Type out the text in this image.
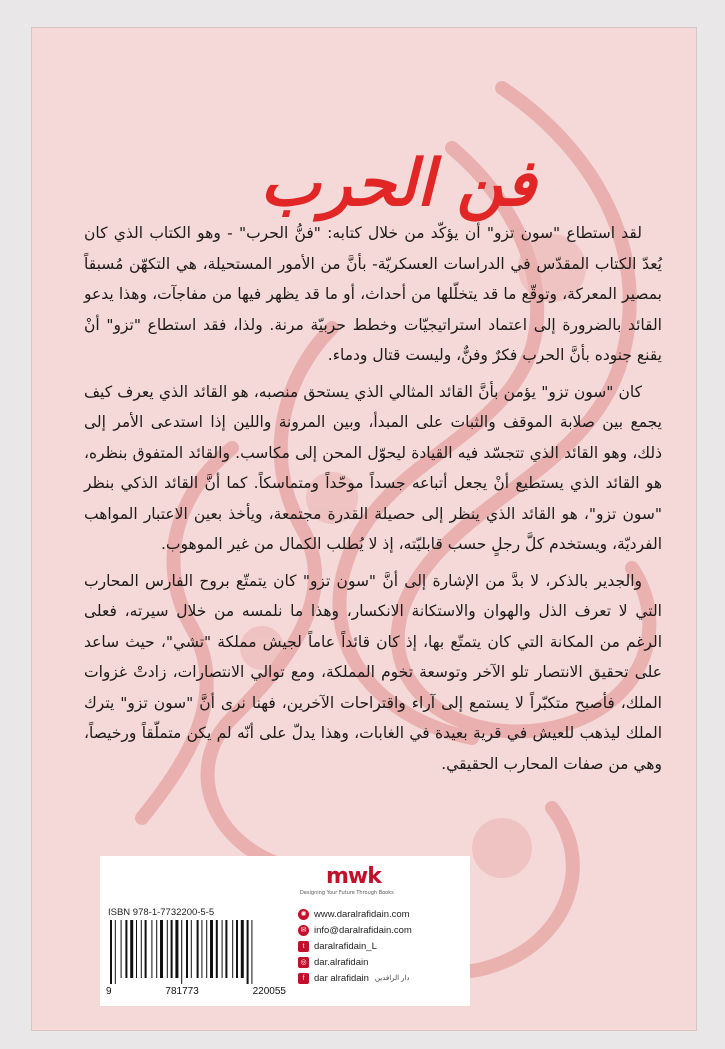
فن الحرب

لقد استطاع "سون تزو" أن يؤكّد من خلال كتابه: "فنُّ الحرب" - وهو الكتاب الذي كان يُعدّ الكتاب المقدّس في الدراسات العسكريّة- بأنَّ من الأمور المستحيلة، هي التكهّن مُسبقاً بمصير المعركة، وتوقّع ما قد يتخلّلها من أحداث، أو ما قد يظهر فيها من مفاجآت، وهذا يدعو القائد بالضرورة إلى اعتماد استراتيجيّات وخطط حربيّة مرنة. ولذا، فقد استطاع "تزو" أنْ يقنع جنوده بأنَّ الحرب فكرٌ وفنٌّ، وليست قتال ودماء.

كان "سون تزو" يؤمن بأنَّ القائد المثالي الذي يستحق منصبه، هو القائد الذي يعرف كيف يجمع بين صلابة الموقف والثبات على المبدأ، وبين المرونة واللين إذا استدعى الأمر إلى ذلك، وهو القائد الذي تتجسّد فيه القيادة ليحوّل المحن إلى مكاسب. والقائد المتفوق بنظره، هو القائد الذي يستطيع أنْ يجعل أتباعه جسداً موحّداً ومتماسكاً. كما أنَّ القائد الذكي بنظر "سون تزو"، هو القائد الذي ينظر إلى حصيلة القدرة مجتمعة، ويأخذ بعين الاعتبار المواهب الفرديّة، ويستخدم كلَّ رجلٍ حسب قابليّته، إذ لا يُطلب الكمال من غير الموهوب.

والجدير بالذكر، لا بدَّ من الإشارة إلى أنَّ "سون تزو" كان يتمتّع بروح الفارس المحارب التي لا تعرف الذل والهوان والاستكانة الانكسار، وهذا ما نلمسه من خلال سيرته، فعلى الرغم من المكانة التي كان يتمتّع بها، إذ كان قائداً عاماً لجيش مملكة "تشي"، حيث ساعد على تحقيق الانتصار تلو الآخر وتوسعة تخوم المملكة، ومع توالي الانتصارات، زادتْ غزوات الملك، فأصبح متكبّراً لا يستمع إلى آراء واقتراحات الآخرين، فهنا نرى أنَّ "سون تزو" يترك الملك ليذهب للعيش في قرية بعيدة في الغابات، وهذا يدلّ على أنّه لم يكن متملّقاً ورخيصاً، وهي من صفات المحارب الحقيقي.

mwk
Designing Your Future Through Books
ISBN 978-1-7732200-5-5
9	781773	220055
✺ www.daralrafidain.com
✉ info@daralrafidain.com
t	daralrafidain_L
◎ dar.alrafidain
f	dar alrafidain دار الرافدين
